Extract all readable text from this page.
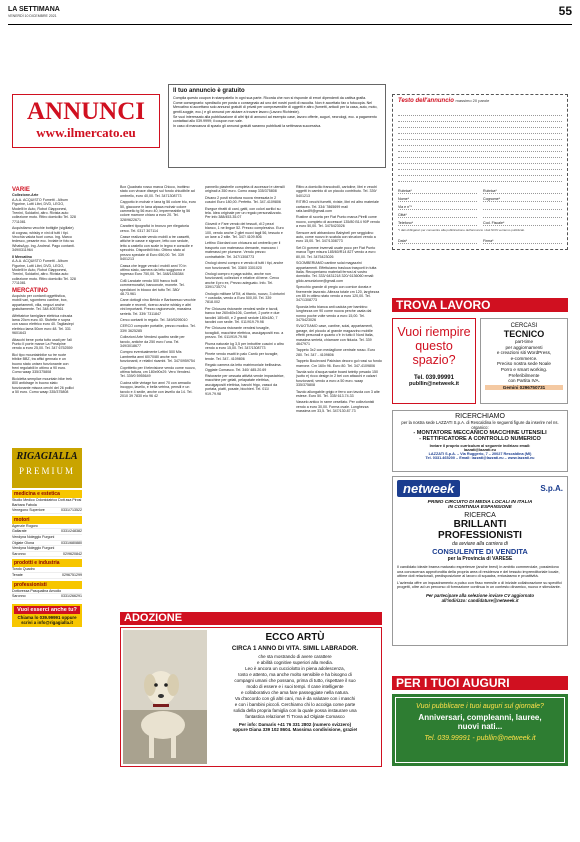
LA SETTIMANA
VENERDÌ 10 DICEMBRE 2021	55
ANNUNCI
www.ilmercato.eu
Il tuo annuncio è gratuito
Compila questo coupon in stampatello in ogni sua parte. Ricorda che non si risponde di errori dipendenti da cattiva grafia.
Come consegnarlo: spediscilo per posta o consegnalo ad uno dei nostri punti di raccolta. Non è accettato fax o fotocopia. Nel Mercatino si accettano solo annunci gratuiti di privati per compravendite di oggetti e altro (fumetti, articoli per la casa, auto, moto, gentil-soggie, ecc.) e gli annunci per aiutare a trovare lavoro (Lavoro Richieste).
Se vuoi interessato alla pubblicazione di altri tipi di annunci ad esempio case, lavoro offerte, auguri, necrologi, ecc. a pagamento contattaci allo 039.9999; il coupon non vale.
In caso di mancanza di spazio gli annunci gratuiti saranno pubblicati la settimana successiva.
Testo dell'annuncio massimo 20 parole
Rubrica*
Nome*
Via e n°*
Città*
Telefono*
Rubrica*
Cognome*
Cod. Fiscale*
*I dati obbligatori per consentire alla pubblicazione dell'annuncio i dati NON verranno pubblicati.
Data*	Firma*
VARIE
Collezione-Arte
A.A.A. ACQUISTO Fumetti - Album Figurine, Lotti Libri, DVD, LEGO, Modelli in Auto, Robot Giapponesi, Trenini, Soldatini, altro. Rivista auto collezione moto. Ritiro domicilio Tel. 328 7711081
Acquistiamo vecchie bottiglie (sigillate) di cognac, whisky e vini di tutti i tipi. Vecchia valuta fuori corso. Ing. Marco tedesco, pesante ecc. Inviate le foto su WhatsApp. Ing. Andreal. Pago contanti. 349/0311964
Il Mercatino
A.A.A. ACQUISTO Fumetti - Album Figurine, Lotti Libri, DVD, LEGO, Modelli in Auto, Robot Giapponesi, Trenini, Soldatini, altro. Rivista auto collezione moto. Ritiro domicilio Tel. 328 7711081
MERCATINO
Acquisto per contanti oggettistica, mobili vari, sgombero cantine, box, appartamenti, villa, negozi anche gratuitamente. Tel. 348 4057561
Affettatrice famigliare elettrica robusta lama 20cm euro 40. Stufette e sopra con sacco elettrico euro 40. Tagliasiepi elettrico lama 50cm euro 48. Tel. 331 9601643
Attacchi bene porta tutto usati per l'ali Punto II porte marce La Prealpine vendo a euro 25,00. Tel. 347 6752559
Bici tipo mountainbike su tre ruote tribike BBZ, tra affici gennaio e un buono stato unisex funzionante con freni regolabili in ottimo a 90 euro. Como waap 335/375808
Bicicletta semplice mountain bike trek 800 antidrage in buono stato funzionante misura cerchi del 26 pollici a 50 euro. Como waap 335/375808
Box Quadrato rosso marca Chicco, inottimo stato con vivace disegni sul fondo chiudibile ad ombrello, euro 40,00. Tel. 3471308773
Cappotto in mohair e lana tg 56 colore blu, euro 50, giaccone in lana alpaca mohair colore cammello tg 56 euro 40, impermeabile tg 56 colore marrone chiaro a euro 20. Tel. 328/9622671
Caratteri tipografici in bronzo per rilegatoria cerco. Tel. 0317 307114
Casse realizzate vendo mobili a tre cassetti, attiche le casse e signore, letto con sedute, letto a castello con scale in legno e consolle e specchio. Disponibili foto. Ottimo stato al prezzo speciale di Euro 650,00. Tel. 339 5401213
Cassa che legge vendo i mobili anni 70 in ottimo stato, camera da letto soggiorno e ingresso Euro 750,00. Tel. 348/1436384
Cd6 Lanciate vendo 500 franco bolli commemorativi, banconote, monete. Tel. spedizioni in blocco dei tutto Tel. 380/ 48.73.961
Cane dottogli vino Bérido e Barbaresco vecchie annate e recenti, ricerco anche whisky e altri vini importanti. Prezzo ragionevole, massima serietà. Tel. 339/ 7311847
Cerco contanti in regalo. Tel. 349/5295010
CERCO computer portatile, prezzo modico. Tel. 339/ 3625285
Collezioni Arte Vendesi quattro sedie per tavolo, antiche da 250 euro l'una. Tel. 349/3018677
Compro eventualmente Lettini 500 Mis Lambretta anni 60/70/80 anche non funzionanti, e relativi ricambi. Tel. 347/0959754
Coprittetto per il televisione vendo come nuovo, ottima fattura, cm 180x90x29. Vero Vendesi. Tel. 339/0 5955649
Cucina stile vintage fun anni 70 con armadio incoppo, lavello, e bella vetrina, pensili e un tavolo e 4 sedie, anche con lavello da 14. Tel. 2010 39 7830 e/o 96 42
pannello piastrelle completa di accessori e utensili originali a 350 euro. Como waap 335/375808
Divano 2 posti struttura nuova rimessata in 2 cuscini Euro 180,00. Perfetto. Tel. 347-4109806
Esegue ritratti di cani, gatti, con colori acrilici su tela. Idea originale per un regalo personalizzato. Per info 388/453.35.07
Giovedì e Fare vendo dei tessuti, di 2 pezzi bianco, 1 ne lingue 52. Prezzo complessivo. Euro 100, vendo anche 2 gilet nuovi tagli 56, tessuto e un lane a 2 stile. Tel. 347/ 4109 806
Lettino Giordani con chiusura ad ombrello per il trasporto con materasso drenante, mancano i materassi per piumone. Vendo prezzo contrattabile. Tel. 347/1308773
Orologi cinesi compro e vendo di tutti i tipi, anche non funzionanti. Tel. 338/0 3301020
Orologi compro e paga subito, anche non funzionanti, collezioni e relative di bene. Cerco anche il pro ex, Prezzo adeguato. Info. Tel. 339/1735774
Orologio militare MTM, al titanio, nuovo, 3 cinturini + custodia, vendo a Euro 500,00. Tel. 339 7818.002
Per Chiusura ristorante vendesi sedie e tavoli, banco bar 260x60x106, Comfort, 2 porte e due tavolini 180x60, e 2 grandi sedute 180x180, 7 tavolini con sedie. Tel. 011/919.79.98
Per Chiusura ristorante vendesi tovaglie, tovaglioli, macchine elettrica, ascuigapositi ecc. a prezzo. Tel. 011/919.79.98
Piuma naturale kg 3,5 per imbottire cuscini o altro vendo a euro 15,00. Tel. 347/1308773
Pinete vendo esatti in palo Cantù per tovaglie, tende. Tel. 347- 4109806
Regalo camera da letto matrimoniale bellissima. Oggiate Comasco. Tel. 340/ 485.20.69
Ristorante per cessata attività vende impastatrice, macchine per gelati, pelapatate elettrica, ascuigapositi elettrica, banchi frigo, vassoi da portata, piatti, posate, bicchieri. Tel. 011/ 919.79.98
Ritiro a domicilio francobolli, cartoline, libri e vecchi oggetti in cambio di un piccolo contributo. Tel. 339/ 5401213
RITIRO vecchi fumetti, riviste, libri ed altro materiale cartaceo. Tel. 334/ 7865699 mail rafa.lan89@gmail.com
Rustine di scorta per Fiat Punto marca Pirelli come nuovo, completo di accessori 135/80 B14 90P vendo a euro 50,00. Tel. 3475423026
Sensore anti abbandono Babybell per seggiolino auto, come nuovo in scatola con struzioni vendo a euro 15,00. Tel. 347/1308773
Set Di gomme invernali usate poco per Fiat Punto marca Tiger misura 185/60/R14 82T vendo a euro 80,00. Tel. 3475423026
SGOMBERIAMO cantine solai magazzini appartamenti. Effettuiamo trasloca trasporti in tutta Italia. Recuperiamo materiali ferrosi al vostro domicilio. Tel. 333/ 6431218 320/ 6136060 email: gildo.amunizione@gmail.com
Specchio grande di pregio con cornice dorata e finemente lavorato. Altezza totale cm 120, larghezza cm 85 in ottimo stato vendo a euro 120,00. Tel. 347/1308773
Sponda letto bianca anti caduta per bambino lunghezza cm 90 come nuova perche usata dal nonno poche volte vendo a euro 15,00. Tel. 3475423026
SVUOTIAMO case, cantine, solai, appartamenti, garage, del piccolo al grande magazzino mobilie effetti personali e quanto c'è in tutto il Nord Italia, massima serietà, chiamare con fiducia. Tel. 339 4647971
Tappeto 3x2 con medaglione centrale rosso. Euro 280. Tel. 347 - 4109806
Tappeto Boulevard Pakistan decoro gul rossi su fondo marrone. Cm 160x 96. Euro 80. Tel. 347-4109806
Tavola solo d'acqua wake board twintip pesado 150 (sotto e) ricco design in 2 bei con attacchi e calzari funzionanti, vendo a euro a 50 euro. waap 335/375808
Tavolo allungabile grigio e ferro con tavola con 3 alte estese. Euro 50. Tel. 335/ 613.74.33
Vasselo antico in rame cesellato. Per collezionisti vendo a euro 30,00. Forma ovale. Lunghezza massima cm 33,5. Tel. 347/130.87.73
RIGAGIALLA
PREMIUM
medicina e estetica
Studio Medico Odontoiatrico Dott.ssa Pirosi Barbara Fabola
Venegono Superiore	0331/713522
motori
Agenzie Rogoro
Gallarate	0331/248382
Vendyna Noleggio Furgoni
Olgiate Olona	0331/680880
Vendyna Noleggio Furgoni
Saronno	02/9620842
prodotti e industria
Tondo Quadro
Tenate	0296751299
professionisti
Dottoressa Pasqualina Amodio
Saronno	0331/266291
Vuoi esserci anche tu?
Chiama lo 039.99991 oppure
scrivi a info@rigagialla.it	ADOZIONE
ECCO ARTÙ
CIRCA 1 ANNO DI VITA. SIMIL LABRADOR.
che sta mostrando di avere carattere
e abilità cognitive superiori alla media.
Leo è ancora un cucciolotto in piena adolescenza,
tosto e attento, ma anche molto sensibile e ha bisogno di
compagni umani che possano, prima di tutto, rispettare il suo
modo di essere e i suoi tempi. Il cane intelligente
e collaborativo che ama fare passeggiate nella natura.
Va d'accordo con gli altri cani, ma è da valutare con i maschi
e con i bambini piccoli. Cerchiamo chi lo accolga come parte
solida della propria famiglia con la quale possa instaurare una
fantastica relazione! Ti Trova ad Olgiate Comasco
Per info: Damaris +41 76 331 2802 (numero svizzero)
oppure Diana 339 102 8604. Massima condivisione, grazie!
TROVA LAVORO
Vuoi riempire questo spazio?
Tel. 039.99991
publlin@netweek.it
CERCASI
TECNICO
part-time
per aggiornamenti
e creazioni siti WordPress,
e-commerce.
Preciso nostra sede Noale
Porro e smart working.
Preferibilmente
con Partita IVA.
Gemini 0296750731
RICERCHIAMO
per la nostra sede LAZZATI S.p.A. di Rescaldina le seguenti figure da inserire nel ns. organico:
- MONTATORE MECCANICO MACCHINE UTENSILI
- RETTIFICATORE A CONTROLLO NUMERICO
Inviare il proprio curriculum al seguente indirizzo email:
lazzati@lazzati.eu
LAZZATI S.p.A. – Via Ruggerio, 7 – 20027 Rescaldina (MI)
Tel. 0331.465200 – Email: lazzati@lazzati.eu – www.lazzati.eu
netweek	S.p.A.
PRIMO CIRCUITO DI MEDIA LOCALI IN ITALIA
IN CONTINUA ESPANSIONE
RICERCA
BRILLANTI
PROFESSIONISTI
da avviare alla carriera di
CONSULENTE DI VENDITA
per la Provincia di VARESE
Il candidato ideale brama maturato esperienze (anche brevi) in ambito commerciale, possiedono una conoscenza approfondita della propria area di residenza e del tessuto imprenditoriale locale, ottime doti relazionali, predisposizione al lavoro di squadra, entusiasmo e proattività.
L'azienda offre un inquadramento a pulso con fisso mensile o di iniziale collaborazione su specifici progetti, oltre ad un percorso di formazione continua in un contesto dinamico, nuovo e stimolante.
Per partecipare alla selezione inviare CV aggiornato
all'indirizzo: candidature@netweek.it
PER I TUOI AUGURI
Vuoi pubblicare i tuoi auguri sul giornale?
Anniversari, compleanni, lauree,
nuovi nati...
Tel. 039.99991 - publlin@netweek.it
